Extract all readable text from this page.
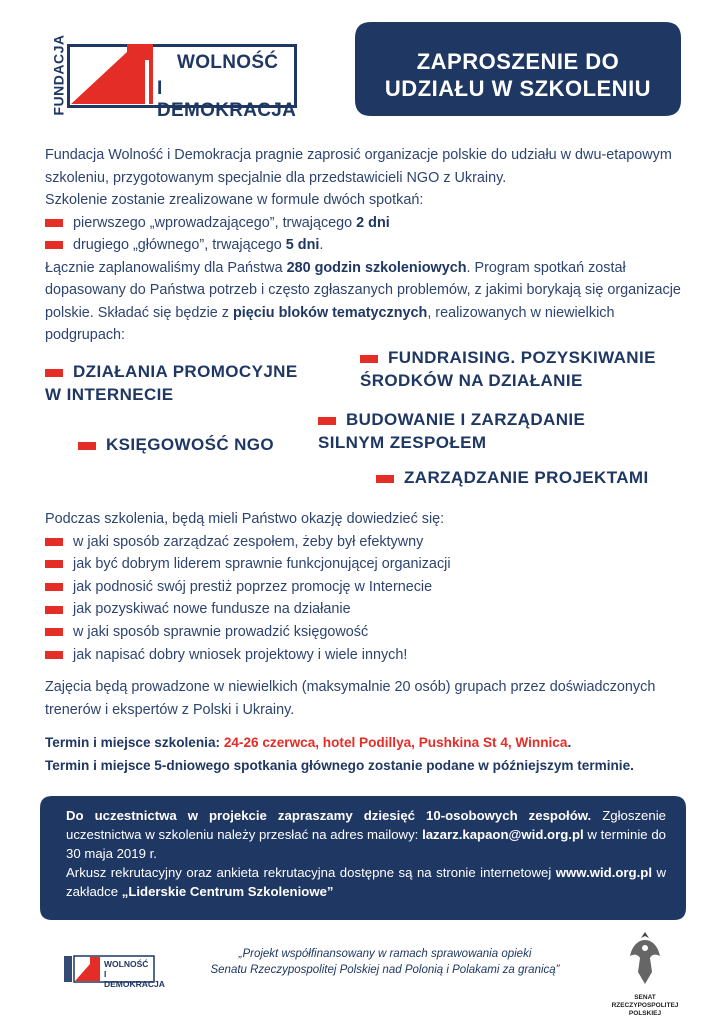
FUNDACJA	WOLNOŚĆ
I DEMOKRACJA
ZAPROSZENIE DO
UDZIAŁU W SZKOLENIU
Fundacja Wolność i Demokracja pragnie zaprosić organizacje polskie do udziału w dwu-etapowym szkoleniu, przygotowanym specjalnie dla przedstawicieli NGO z Ukrainy.
Szkolenie zostanie zrealizowane w formule dwóch spotkań:
pierwszego „wprowadzającego”, trwającego 2 dni
drugiego „głównego”, trwającego 5 dni.
Łącznie zaplanowaliśmy dla Państwa 280 godzin szkoleniowych. Program spotkań został dopasowany do Państwa potrzeb i często zgłaszanych problemów, z jakimi borykają się organizacje polskie. Składać się będzie z pięciu bloków tematycznych, realizowanych w niewielkich podgrupach:
DZIAŁANIA PROMOCYJNE
W INTERNECIE
FUNDRAISING. POZYSKIWANIE
ŚRODKÓW NA DZIAŁANIE
BUDOWANIE I ZARZĄDANIE
SILNYM ZESPOŁEM
KSIĘGOWOŚĆ NGO
ZARZĄDZANIE PROJEKTAMI
Podczas szkolenia, będą mieli Państwo okazję dowiedzieć się:
w jaki sposób zarządzać zespołem, żeby był efektywny
jak być dobrym liderem sprawnie funkcjonującej organizacji
jak podnosić swój prestiż poprzez promocję w Internecie
jak pozyskiwać nowe fundusze na działanie
w jaki sposób sprawnie prowadzić księgowość
jak napisać dobry wniosek projektowy i wiele innych!
Zajęcia będą prowadzone w niewielkich (maksymalnie 20 osób) grupach przez doświadczonych trenerów i ekspertów z Polski i Ukrainy.
Termin i miejsce szkolenia: 24-26 czerwca, hotel Podillya, Pushkina St 4, Winnica.
Termin i miejsce 5-dniowego spotkania głównego zostanie podane w późniejszym terminie.
Do uczestnictwa w projekcie zapraszamy dziesięć 10-osobowych zespołów. Zgłoszenie uczestnictwa w szkoleniu należy przesłać na adres mailowy: lazarz.kapaon@wid.org.pl w terminie do 30 maja 2019 r.
Arkusz rekrutacyjny oraz ankieta rekrutacyjna dostępne są na stronie internetowej www.wid.org.pl w zakładce „Liderskie Centrum Szkoleniowe”
WOLNOŚĆ
I DEMOKRACJA
„Projekt współfinansowany w ramach sprawowania opieki
Senatu Rzeczypospolitej Polskiej nad Polonią i Polakami za granicą”
SENAT
RZECZYPOSPOLITEJ
POLSKIEJ
